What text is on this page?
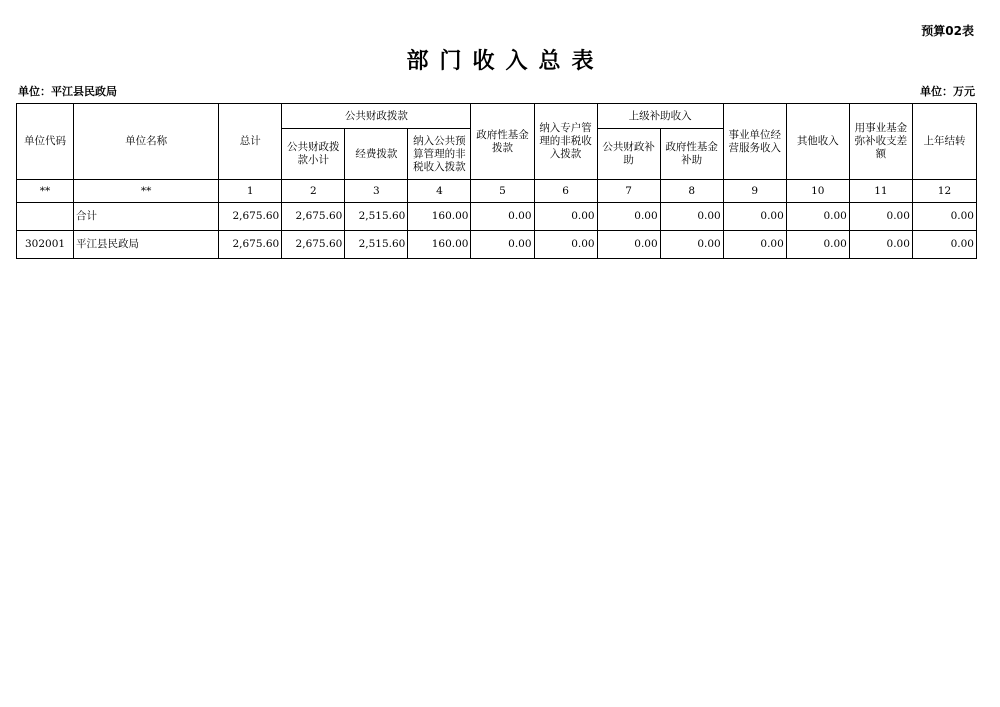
预算02表
部门收入总表
单位：平江县民政局	单位：万元
单位代码	单位名称	总计	公共财政拨款			政府性基金拨款	纳入专户管理的非税收入拨款	上级补助收入		事业单位经营服务收入	其他收入	用事业基金弥补收支差额	上年结转
			公共财政拨款小计	经费拨款	纳入公共预算管理的非税收入拨款			公共财政补助	政府性基金补助				
**	**	1	2	3	4	5	6	7	8	9	10	11	12
	合计	2,675.60	2,675.60	2,515.60	160.00	0.00	0.00	0.00	0.00	0.00	0.00	0.00	0.00
302001	平江县民政局	2,675.60	2,675.60	2,515.60	160.00	0.00	0.00	0.00	0.00	0.00	0.00	0.00	0.00
